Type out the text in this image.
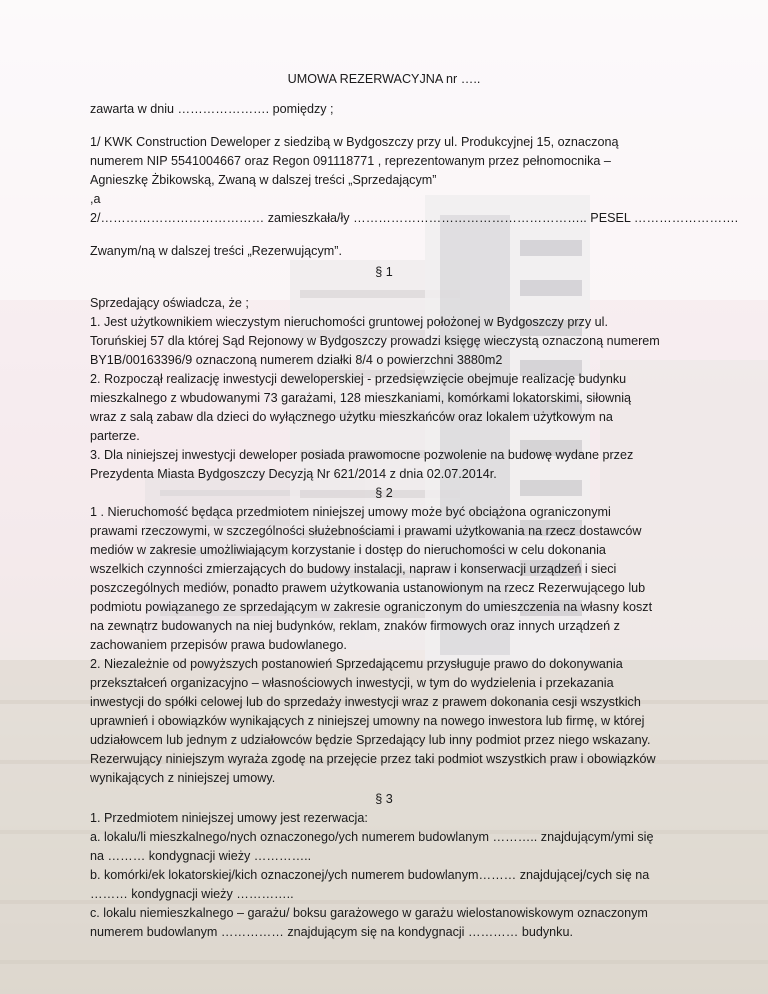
UMOWA REZERWACYJNA nr …..
zawarta w dniu …………………. pomiędzy ;
1/ KWK Construction Deweloper z siedzibą w Bydgoszczy przy ul. Produkcyjnej 15, oznaczoną
numerem NIP 5541004667 oraz Regon 091118771 , reprezentowanym przez pełnomocnika –
Agnieszkę Żbikowską, Zwaną w dalszej treści „Sprzedającym”
,a
2/………………………………… zamieszkała/ły ……………………………………………….. PESEL …………………….
Zwanym/ną w dalszej treści „Rezerwującym”.
§ 1
Sprzedający oświadcza, że ;
1. Jest użytkownikiem wieczystym nieruchomości gruntowej położonej w Bydgoszczy przy ul.
Toruńskiej 57 dla której Sąd Rejonowy w Bydgoszczy prowadzi księgę wieczystą oznaczoną numerem
BY1B/00163396/9 oznaczoną numerem działki 8/4 o powierzchni 3880m2
2. Rozpoczął realizację inwestycji deweloperskiej - przedsięwzięcie obejmuje realizację budynku
mieszkalnego z wbudowanymi 73 garażami, 128 mieszkaniami, komórkami lokatorskimi, siłownią
wraz z salą zabaw dla dzieci do wyłącznego użytku mieszkańców oraz lokalem użytkowym na
parterze.
3. Dla niniejszej inwestycji deweloper posiada prawomocne pozwolenie na budowę wydane przez
Prezydenta Miasta Bydgoszczy Decyzją Nr 621/2014 z dnia 02.07.2014r.
§ 2
1 . Nieruchomość będąca przedmiotem niniejszej umowy może być obciążona ograniczonymi
prawami rzeczowymi, w szczególności służebnościami i prawami użytkowania na rzecz dostawców
mediów w zakresie umożliwiającym korzystanie i dostęp do nieruchomości w celu dokonania
wszelkich czynności zmierzających do budowy instalacji, napraw i konserwacji urządzeń i sieci
poszczególnych mediów, ponadto prawem użytkowania ustanowionym na rzecz Rezerwującego lub
podmiotu powiązanego ze sprzedającym w zakresie ograniczonym do umieszczenia na własny koszt
na zewnątrz budowanych na niej budynków, reklam, znaków firmowych oraz innych urządzeń z
zachowaniem przepisów prawa budowlanego.
2. Niezależnie od powyższych postanowień Sprzedającemu przysługuje prawo do dokonywania
przekształceń organizacyjno – własnościowych inwestycji, w tym do wydzielenia i przekazania
inwestycji do spółki celowej lub do sprzedaży inwestycji wraz z prawem dokonania cesji wszystkich
uprawnień i obowiązków wynikających z niniejszej umowny na nowego inwestora lub firmę, w której
udziałowcem lub jednym z udziałowców będzie Sprzedający lub inny podmiot przez niego wskazany.
Rezerwujący niniejszym wyraża zgodę na przejęcie przez taki podmiot wszystkich praw i obowiązków
wynikających z niniejszej umowy.
§ 3
1. Przedmiotem niniejszej umowy jest rezerwacja:
a. lokalu/li mieszkalnego/nych oznaczonego/ych numerem budowlanym ……….. znajdującym/ymi się
na ……… kondygnacji wieży …………..
b. komórki/ek lokatorskiej/kich oznaczonej/ych numerem budowlanym……… znajdującej/cych się na
……… kondygnacji wieży …………..
c. lokalu niemieszkalnego – garażu/ boksu garażowego w garażu wielostanowiskowym oznaczonym
numerem budowlanym …………… znajdującym się na kondygnacji ………… budynku.
